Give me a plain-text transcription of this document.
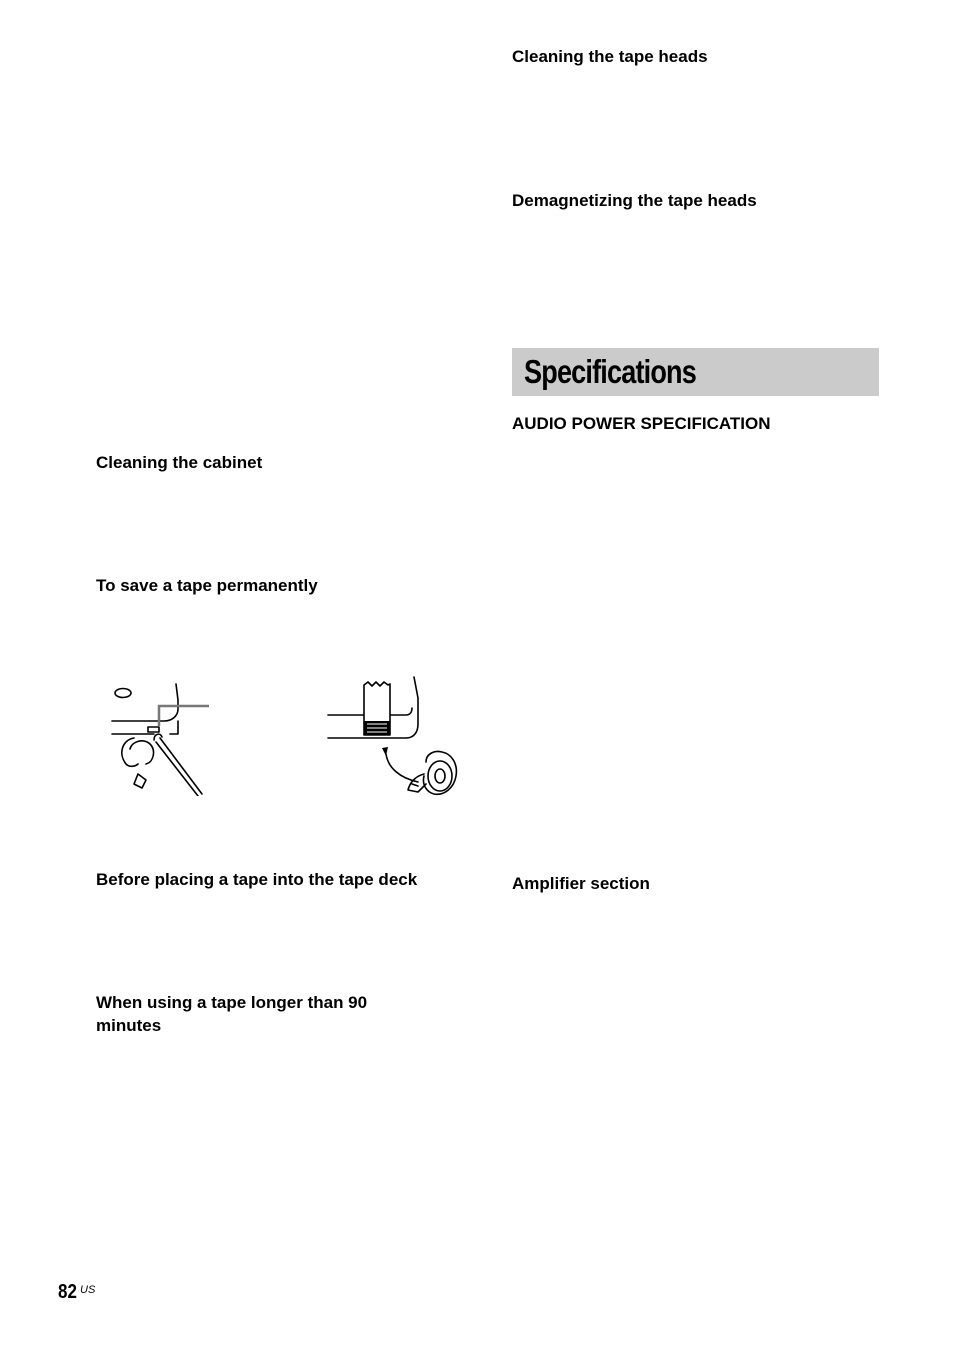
Cleaning the tape heads
Demagnetizing the tape heads
Specifications
AUDIO POWER SPECIFICATION
Amplifier section
Cleaning the cabinet
To save a tape permanently
Before placing a tape into the tape deck
When using a tape longer than 90 minutes
82 US
